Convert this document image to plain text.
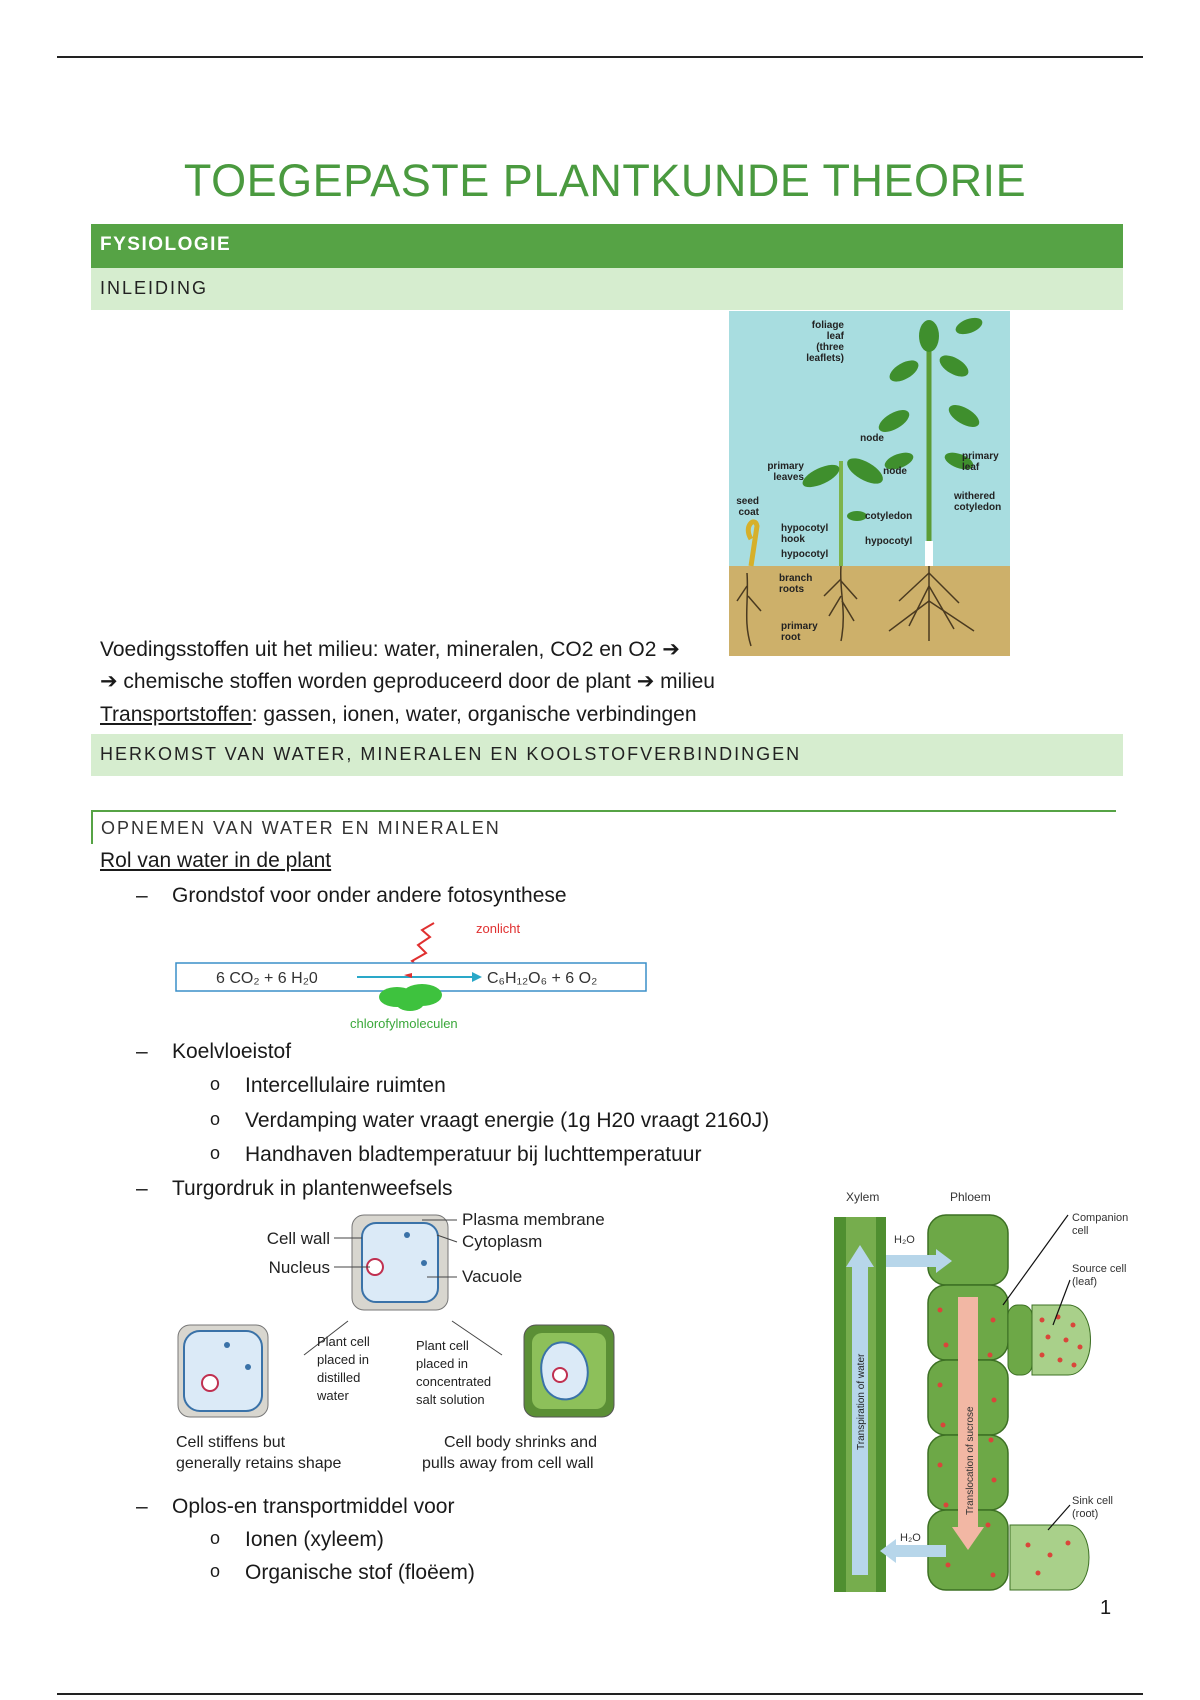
TOEGEPASTE PLANTKUNDE THEORIE
FYSIOLOGIE
INLEIDING
foliage
leaf
(three
leaflets)
node
node
primary
leaves
seed
coat
primary
leaf
withered
cotyledon
cotyledon
hypocotyl
hook
hypocotyl
hypocotyl
branch
roots
primary
root
Voedingsstoffen uit het milieu: water, mineralen, CO2 en O2 ➔
➔ chemische stoffen worden geproduceerd door de plant ➔ milieu
Transportstoffen: gassen, ionen, water, organische verbindingen
HERKOMST VAN WATER, MINERALEN EN KOOLSTOFVERBINDINGEN
OPNEMEN VAN WATER EN MINERALEN
Rol van water in de plant
– Grondstof voor onder andere fotosynthese
zonlicht
6 CO₂ + 6 H₂0	C₆H₁₂O₆ + 6 O₂
chlorofylmoleculen
– Koelvloeistof
o Intercellulaire ruimten
o Verdamping water vraagt energie (1g H20 vraagt 2160J)
o Handhaven bladtemperatuur bij luchttemperatuur
– Turgordruk in plantenweefsels
Cell wall
Nucleus
Plasma membrane
Cytoplasm
Vacuole
Plant cell
placed in
distilled
water
Plant cell
placed in
concentrated
salt solution
Cell stiffens but
generally retains shape
Cell body shrinks and
pulls away from cell wall
– Oplos-en transportmiddel voor
o Ionen (xyleem)
o Organische stof (floëem)
Xylem	Phloem
Translocation of sucrose
Transpiration of water
H₂O
H₂O
Companion
cell
Source cell
(leaf)
Sink cell
(root)
1
